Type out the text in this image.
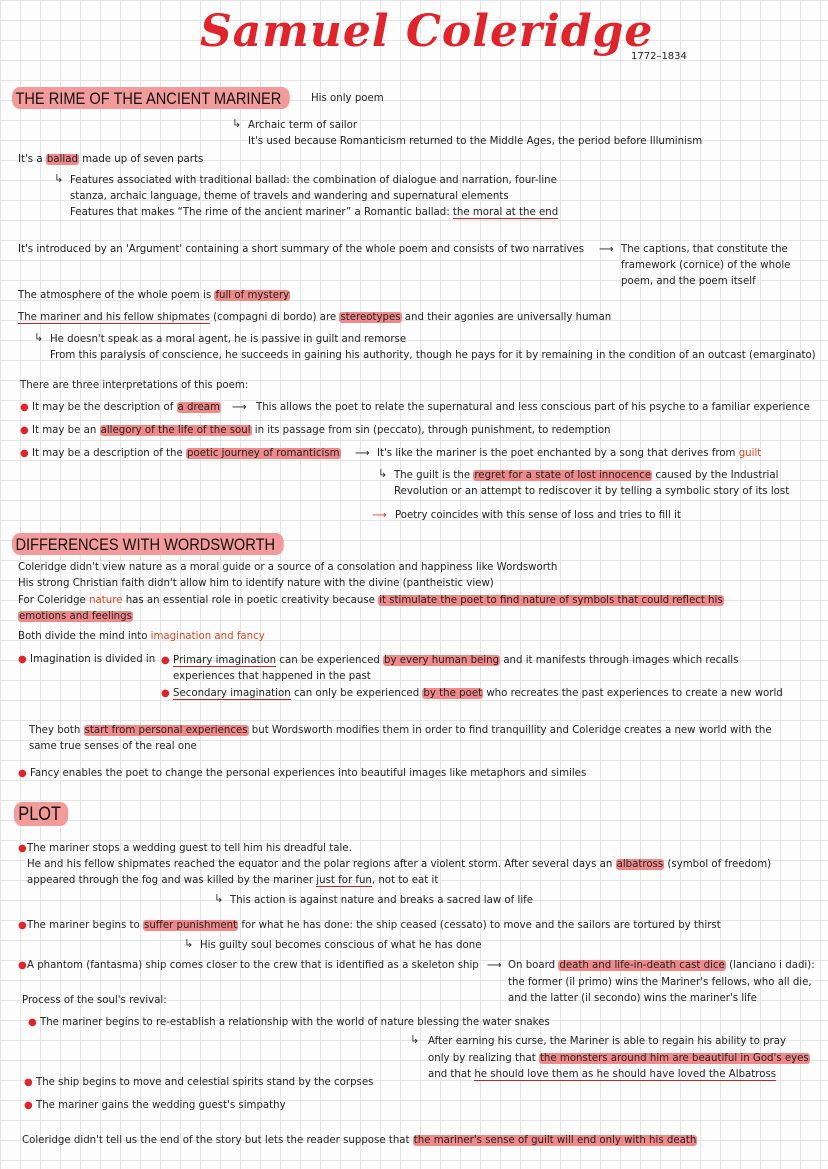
Samuel Coleridge
1772–1834
THE RIME OF THE ANCIENT MARINER	His only poem
↳ Archaic term of sailor
It's used because Romanticism returned to the Middle Ages, the period before Illuminism
It's a ballad made up of seven parts
↳ Features associated with traditional ballad: the combination of dialogue and narration, four-line
stanza, archaic language, theme of travels and wandering and supernatural elements
Features that makes “The rime of the ancient mariner” a Romantic ballad: the moral at the end
It's introduced by an 'Argument' containing a short summary of the whole poem and consists of two narratives ⟶ The captions, that constitute the
framework (cornice) of the whole
poem, and the poem itself
The atmosphere of the whole poem is full of mystery
The mariner and his fellow shipmates (compagni di bordo) are stereotypes and their agonies are universally human
↳ He doesn't speak as a moral agent, he is passive in guilt and remorse
From this paralysis of conscience, he succeeds in gaining his authority, though he pays for it by remaining in the condition of an outcast (emarginato)
There are three interpretations of this poem:
● It may be the description of a dream ⟶ This allows the poet to relate the supernatural and less conscious part of his psyche to a familiar experience
● It may be an allegory of the life of the soul in its passage from sin (peccato), through punishment, to redemption
● It may be a description of the poetic journey of romanticism ⟶ It's like the mariner is the poet enchanted by a song that derives from guilt
↳ The guilt is the regret for a state of lost innocence caused by the Industrial
Revolution or an attempt to rediscover it by telling a symbolic story of its lost
⟶ Poetry coincides with this sense of loss and tries to fill it
DIFFERENCES WITH WORDSWORTH
Coleridge didn't view nature as a moral guide or a source of a consolation and happiness like Wordsworth
His strong Christian faith didn't allow him to identify nature with the divine (pantheistic view)
For Coleridge nature has an essential role in poetic creativity because it stimulate the poet to find nature of symbols that could reflect his
emotions and feelings
Both divide the mind into imagination and fancy
● Imagination is divided in ● Primary imagination can be experienced by every human being and it manifests through images which recalls
experiences that happened in the past
● Secondary imagination can only be experienced by the poet who recreates the past experiences to create a new world
They both start from personal experiences but Wordsworth modifies them in order to find tranquillity and Coleridge creates a new world with the
same true senses of the real one
● Fancy enables the poet to change the personal experiences into beautiful images like metaphors and similes
PLOT
● The mariner stops a wedding guest to tell him his dreadful tale.
He and his fellow shipmates reached the equator and the polar regions after a violent storm. After several days an albatross (symbol of freedom)
appeared through the fog and was killed by the mariner just for fun, not to eat it
↳ This action is against nature and breaks a sacred law of life
● The mariner begins to suffer punishment for what he has done: the ship ceased (cessato) to move and the sailors are tortured by thirst
↳ His guilty soul becomes conscious of what he has done
● A phantom (fantasma) ship comes closer to the crew that is identified as a skeleton ship ⟶ On board death and life-in-death cast dice (lanciano i dadi):
the former (il primo) wins the Mariner's fellows, who all die,
and the latter (il secondo) wins the mariner's life
Process of the soul's revival:
● The mariner begins to re-establish a relationship with the world of nature blessing the water snakes
↳ After earning his curse, the Mariner is able to regain his ability to pray
only by realizing that the monsters around him are beautiful in God's eyes
and that he should love them as he should have loved the Albatross
● The ship begins to move and celestial spirits stand by the corpses
● The mariner gains the wedding guest's simpathy
Coleridge didn't tell us the end of the story but lets the reader suppose that the mariner's sense of guilt will end only with his death
